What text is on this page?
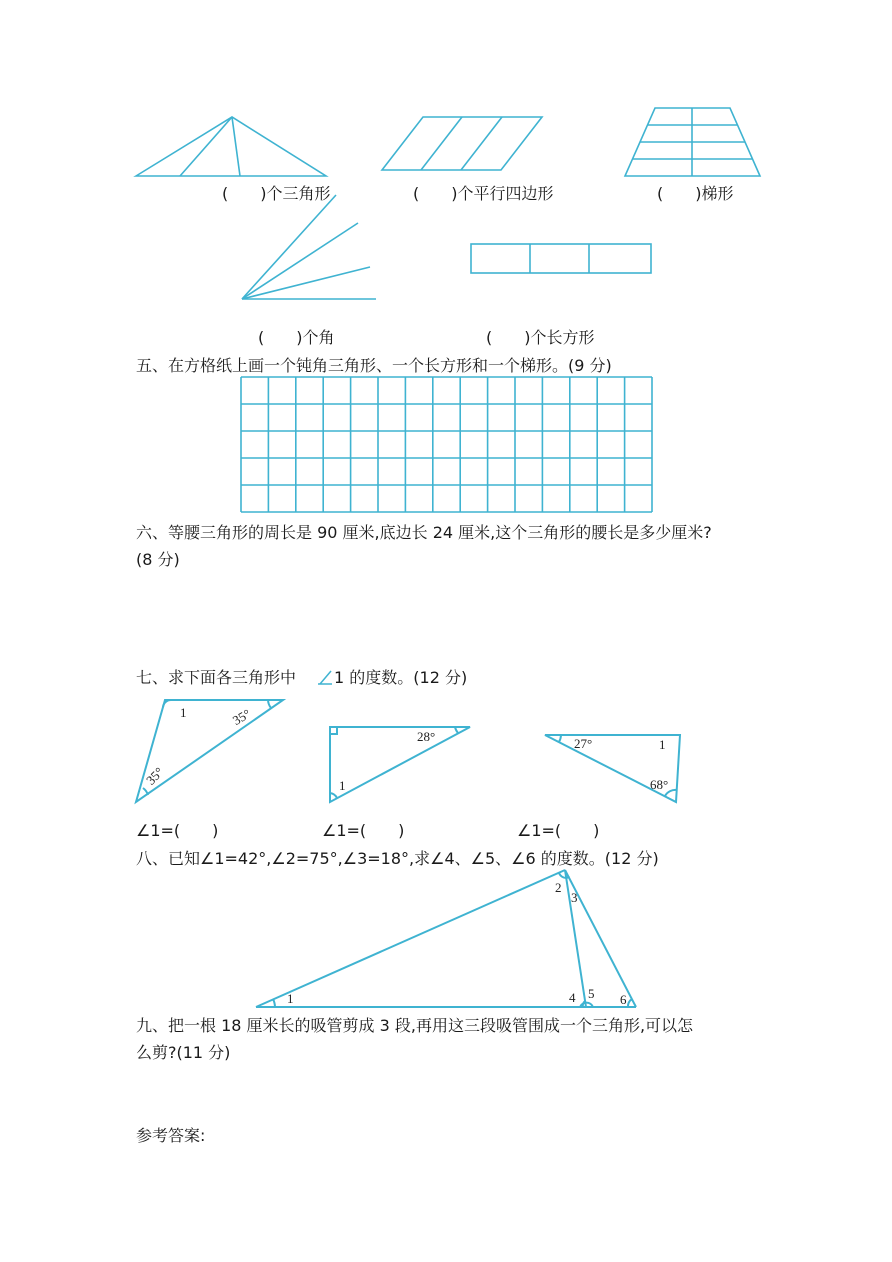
1	35°
35°
28°
1
27°	1
68°
1
2
3
4 5 6
(　　)个三角形	(　　)个平行四边形	(　　)梯形
(　　)个角	(　　)个长方形
五、在方格纸上画一个钝角三角形、一个长方形和一个梯形。(9 分)
六、等腰三角形的周长是 90 厘米,底边长 24 厘米,这个三角形的腰长是多少厘米?
(8 分)
七、求下面各三角形中 1 的度数。(12 分)
∠1=(　　)	∠1=(　　)	∠1=(　　)
八、已知∠1=42°,∠2=75°,∠3=18°,求∠4、∠5、∠6 的度数。(12 分)
九、把一根 18 厘米长的吸管剪成 3 段,再用这三段吸管围成一个三角形,可以怎
么剪?(11 分)
参考答案:
